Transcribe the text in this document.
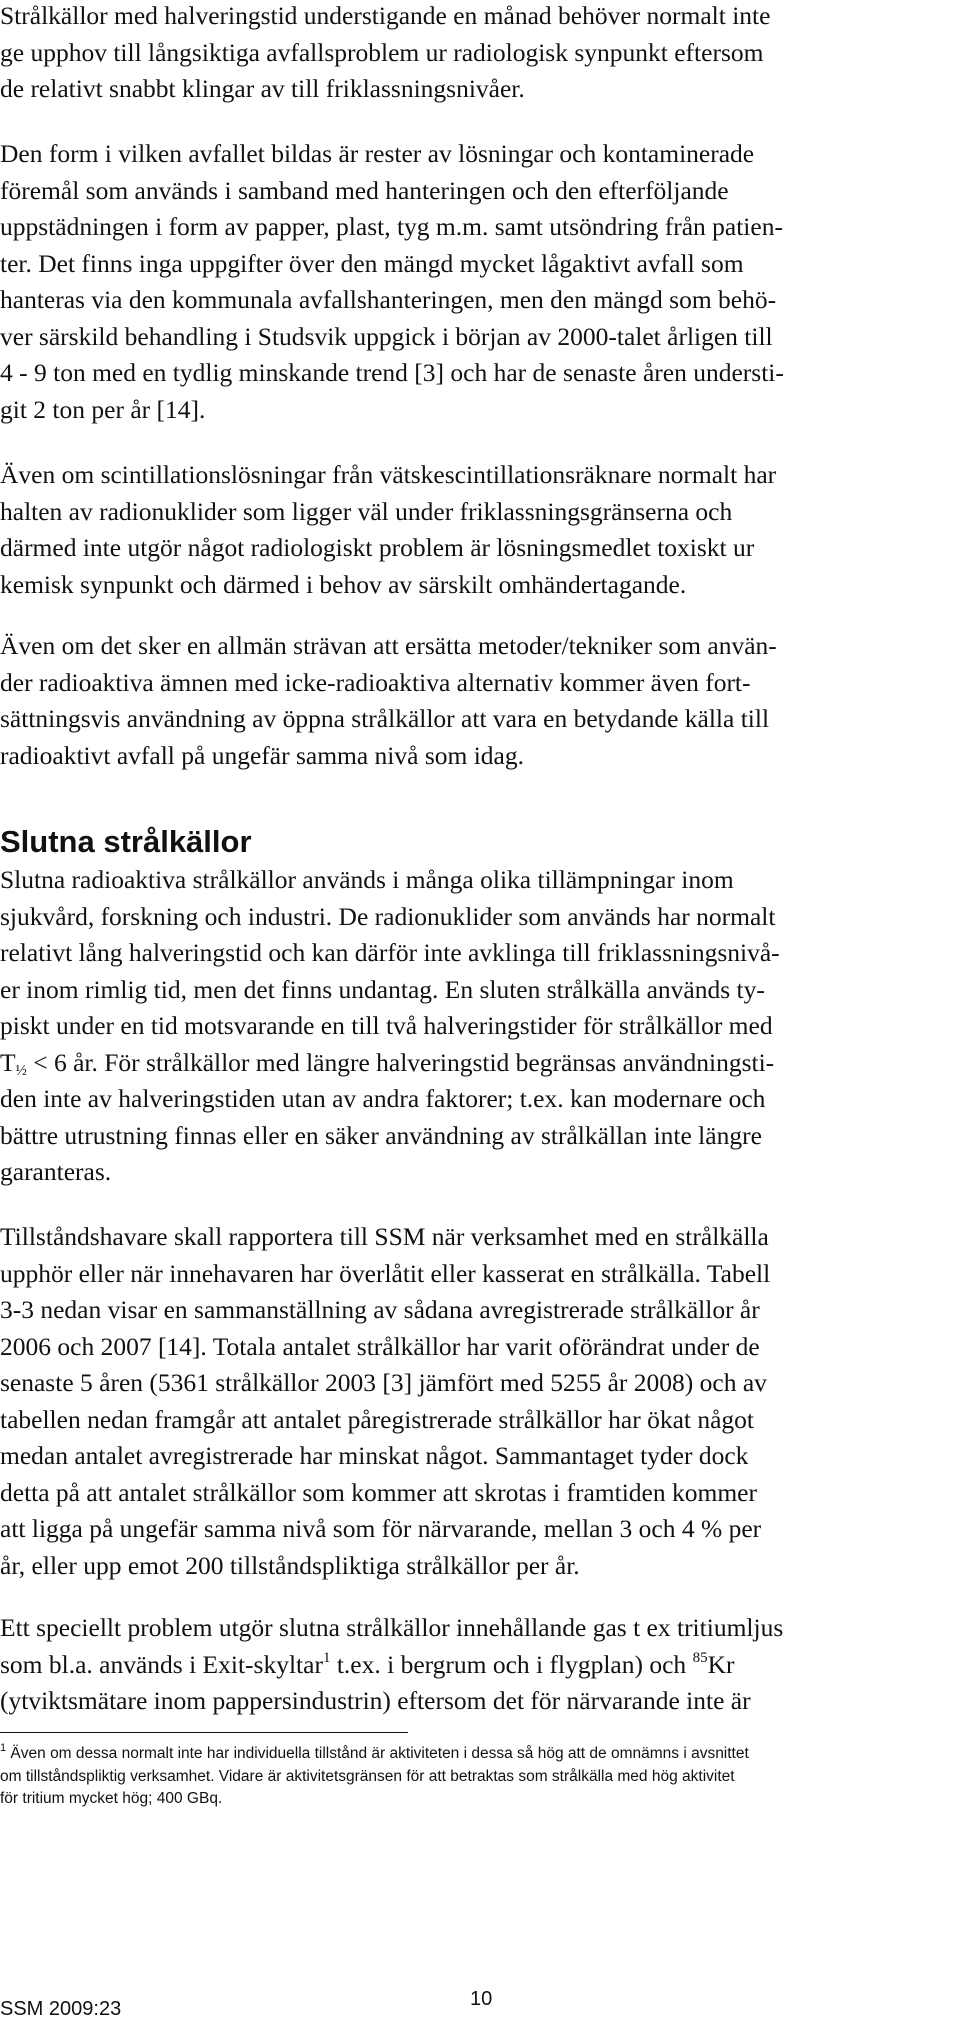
Strålkällor med halveringstid understigande en månad behöver normalt inte
ge upphov till långsiktiga avfallsproblem ur radiologisk synpunkt eftersom
de relativt snabbt klingar av till friklassningsnivåer.

Den form i vilken avfallet bildas är rester av lösningar och kontaminerade
föremål som används i samband med hanteringen och den efterföljande
uppstädningen i form av papper, plast, tyg m.m. samt utsöndring från patien-
ter. Det finns inga uppgifter över den mängd mycket lågaktivt avfall som
hanteras via den kommunala avfallshanteringen, men den mängd som behö-
ver särskild behandling i Studsvik uppgick i början av 2000-talet årligen till
4 - 9 ton med en tydlig minskande trend [3] och har de senaste åren understi-
git 2 ton per år [14].

Även om scintillationslösningar från vätskescintillationsräknare normalt har
halten av radionuklider som ligger väl under friklassningsgränserna och
därmed inte utgör något radiologiskt problem är lösningsmedlet toxiskt ur
kemisk synpunkt och därmed i behov av särskilt omhändertagande.

Även om det sker en allmän strävan att ersätta metoder/tekniker som använ-
der radioaktiva ämnen med icke-radioaktiva alternativ kommer även fort-
sättningsvis användning av öppna strålkällor att vara en betydande källa till
radioaktivt avfall på ungefär samma nivå som idag.

Slutna strålkällor

Slutna radioaktiva strålkällor används i många olika tillämpningar inom
sjukvård, forskning och industri. De radionuklider som används har normalt
relativt lång halveringstid och kan därför inte avklinga till friklassningsnivå-
er inom rimlig tid, men det finns undantag. En sluten strålkälla används ty-
piskt under en tid motsvarande en till två halveringstider för strålkällor med
$T_{\frac{1}{2}} < 6$ år. För strålkällor med längre halveringstid begränsas användningsti-
den inte av halveringstiden utan av andra faktorer; t.ex. kan modernare och
bättre utrustning finnas eller en säker användning av strålkällan inte längre
garanteras.

Tillståndshavare skall rapportera till SSM när verksamhet med en strålkälla
upphör eller när innehavaren har överlåtit eller kasserat en strålkälla. Tabell
3-3 nedan visar en sammanställning av sådana avregistrerade strålkällor år
2006 och 2007 [14]. Totala antalet strålkällor har varit oförändrat under de
senaste 5 åren (5361 strålkällor 2003 [3] jämfört med 5255 år 2008) och av
tabellen nedan framgår att antalet påregistrerade strålkällor har ökat något
medan antalet avregistrerade har minskat något. Sammantaget tyder dock
detta på att antalet strålkällor som kommer att skrotas i framtiden kommer
att ligga på ungefär samma nivå som för närvarande, mellan 3 och 4 % per
år, eller upp emot 200 tillståndspliktiga strålkällor per år.

Ett speciellt problem utgör slutna strålkällor innehållande gas t ex tritiumljus
som bl.a. används i Exit-skyltar$^1$ t.ex. i bergrum och i flygplan) och $^{85}$Kr
(ytviktsmätare inom pappersindustrin) eftersom det för närvarande inte är

$^1$ Även om dessa normalt inte har individuella tillstånd är aktiviteten i dessa så hög att de omnämns i avsnittet
om tillståndspliktig verksamhet. Vidare är aktivitetsgränsen för att betraktas som strålkälla med hög aktivitet
för tritium mycket hög; 400 GBq.

SSM 2009:23	10
